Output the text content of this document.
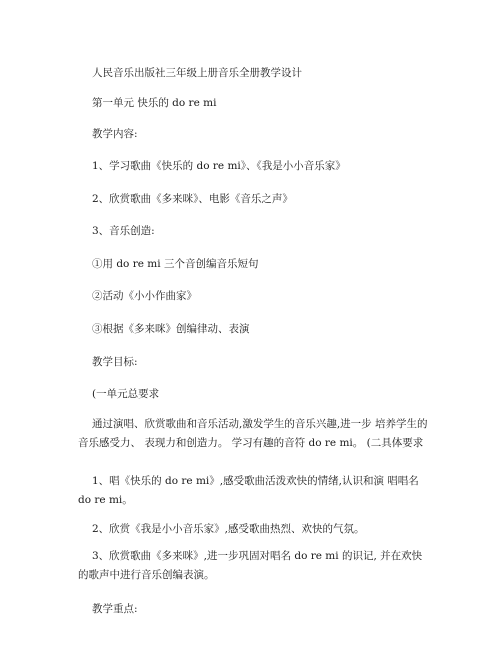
人民音乐出版社三年级上册音乐全册教学设计
第一单元 快乐的 do re mi
教学内容:
1、学习歌曲《快乐的 do re mi》、《我是小小音乐家》
2、欣赏歌曲《多来咪》、电影《音乐之声》
3、音乐创造:
①用 do re mi 三个音创编音乐短句
②活动《小小作曲家》
③根据《多来咪》创编律动、表演
教学目标:
(一单元总要求
通过演唱、欣赏歌曲和音乐活动,激发学生的音乐兴趣,进一步 培养学生的音乐感受力、 表现力和创造力。 学习有趣的音符 do re mi。 (二具体要求
1、唱《快乐的 do re mi》,感受歌曲活泼欢快的情绪,认识和演 唱唱名 do re mi。
2、欣赏《我是小小音乐家》,感受歌曲热烈、欢快的气氛。
3、欣赏歌曲《多来咪》,进一步巩固对唱名 do re mi 的识记, 并在欢快的歌声中进行音乐创编表演。
教学重点:
